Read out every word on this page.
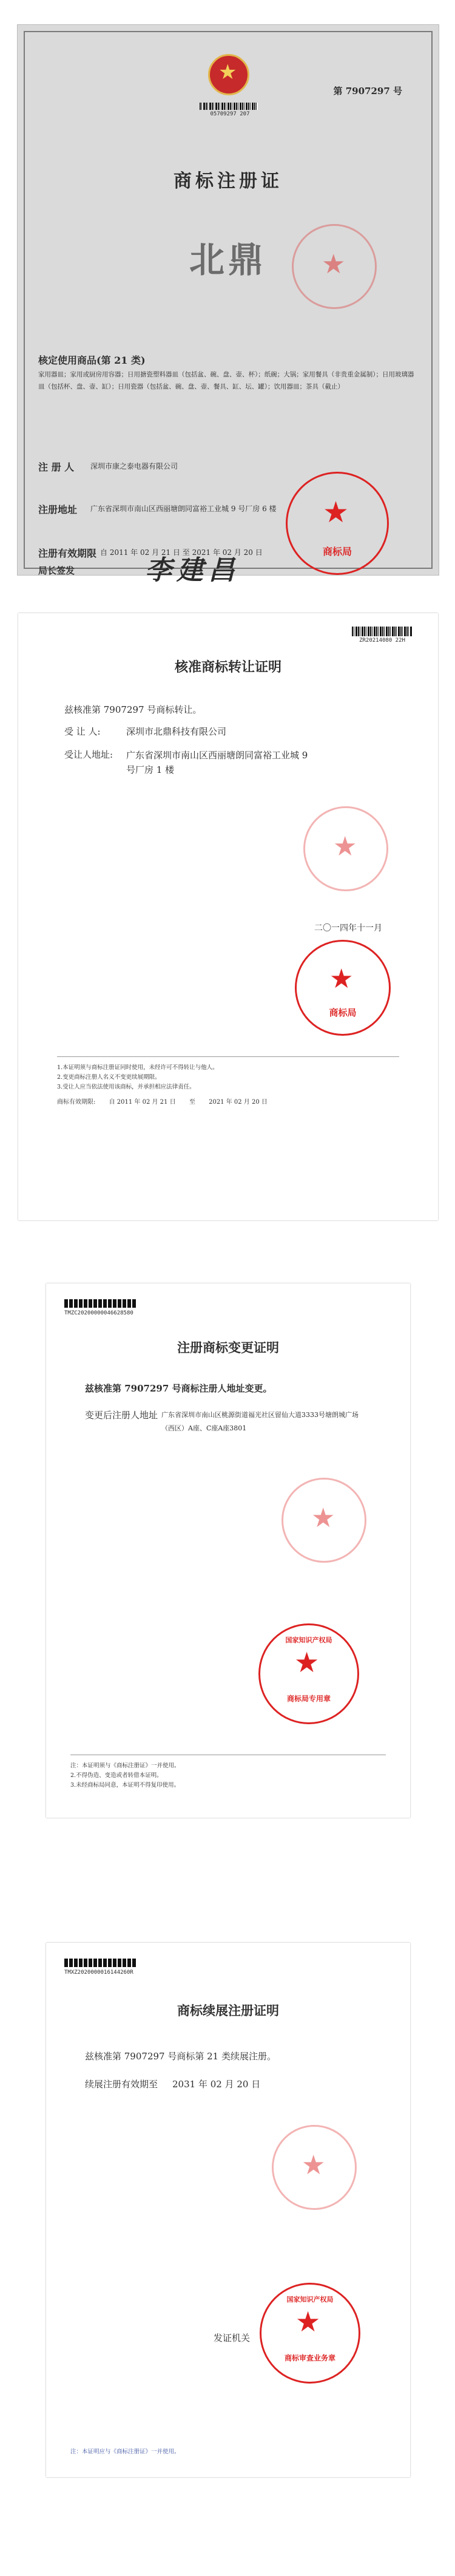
★
05709297 207
第 7907297 号
商标注册证
北鼎	★
核定使用商品(第 21 类)
家用器皿；家用或厨房用容器；日用搪瓷塑料器皿（包括盆、碗、盘、壶、杯）；纸碗；大锅；家用餐具（非贵重金属制）；日用玻璃器皿（包括杯、盘、壶、缸）；日用瓷器（包括盆、碗、盘、壶、餐具、缸、坛、罐）；饮用器皿；茶具（截止）
注 册 人 深圳市康之泰电器有限公司
注册地址 广东省深圳市南山区西丽塘朗同富裕工业城 9 号厂房 6 楼
注册有效期限 自 2011 年 02 月 21 日 至 2021 年 02 月 20 日
局长签发	李建昌
★
商标局
ZR20214080 22H
核准商标转让证明
兹核准第 7907297 号商标转让。
受 让 人:	深圳市北鼎科技有限公司
受让人地址: 广东省深圳市南山区西丽塘朗同富裕工业城 9 号厂房 1 楼
★
★
商标局
二〇一四年十一月
1.本证明须与商标注册证同时使用，未经许可不得转让与他人。
2.变更商标注册人名义不变更续展期限。
3.受让人应当依法使用该商标，并承担相应法律责任。
商标有效期限:       自 2011 年 02 月 21 日       至       2021 年 02 月 20 日
TMZC20200000046628580
注册商标变更证明
兹核准第 7907297 号商标注册人地址变更。
变更后注册人地址 广东省深圳市南山区桃源街道福光社区留仙大道3333号塘朗城广场（西区）A座、C座A座3801
★
★
国家知识产权局
商标局专用章
注：本证明须与《商标注册证》一并使用。
2.不得伪造、变造或者转借本证明。
3.未经商标局同意，本证明不得复印使用。
TMXZ2020000016144260R
商标续展注册证明
兹核准第 7907297 号商标第 21 类续展注册。
续展注册有效期至 2031 年 02 月 20 日
★
发证机关 ★
国家知识产权局
商标审查业务章
注：本证明应与《商标注册证》一并使用。
